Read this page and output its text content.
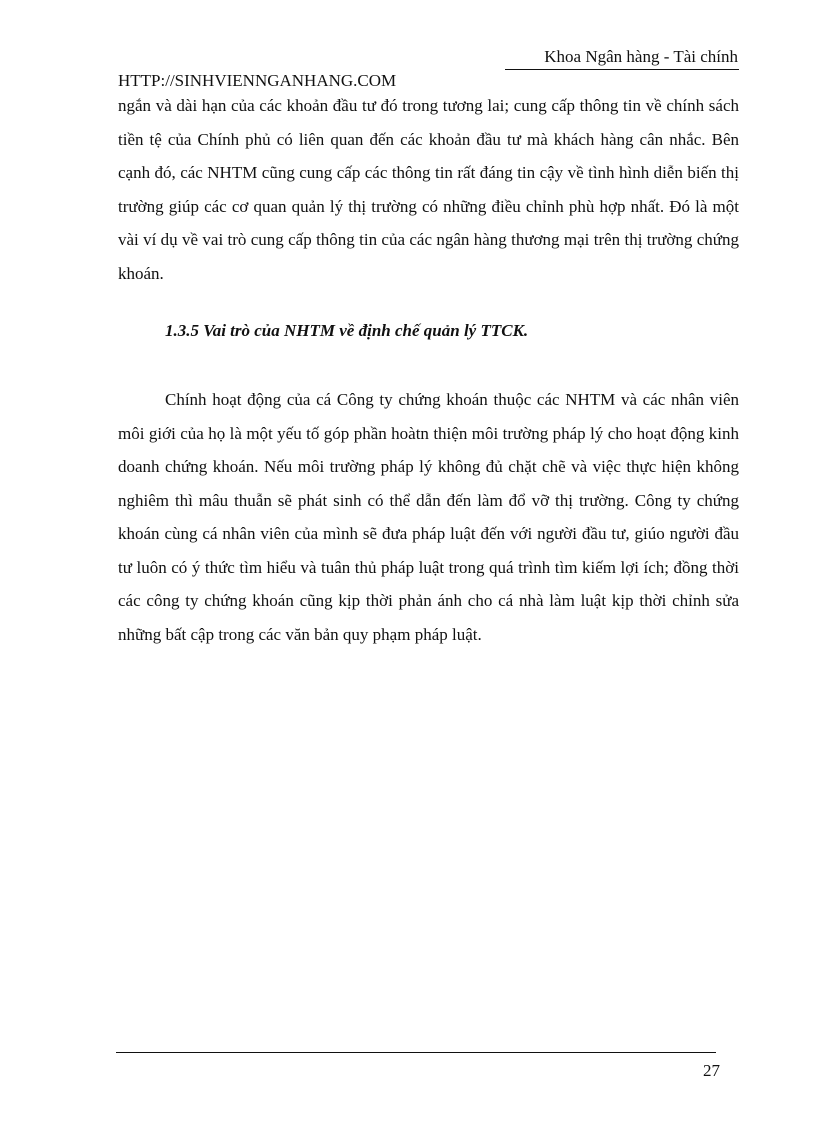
Khoa Ngân hàng - Tài chính
HTTP://SINHVIENNGANHANG.COM

ngắn và dài hạn của các khoản đầu tư đó trong tương lai; cung cấp thông tin về chính sách tiền tệ của Chính phủ có liên quan đến các khoản đầu tư mà khách hàng cân nhắc. Bên cạnh đó, các NHTM cũng cung cấp các thông tin rất đáng tin cậy về tình hình diễn biến thị trường giúp các cơ quan quản lý thị trường có những điều chỉnh phù hợp nhất. Đó là một vài ví dụ về vai trò cung cấp thông tin của các ngân hàng thương mại trên thị trường chứng khoán.

1.3.5 Vai trò của NHTM về định chế quản lý TTCK.

Chính hoạt động của cá Công ty chứng khoán thuộc các NHTM và các nhân viên môi giới của họ là một yếu tố góp phần hoàtn thiện môi trường pháp lý cho hoạt động kinh doanh chứng khoán. Nếu môi trường pháp lý không đủ chặt chẽ và việc thực hiện không nghiêm thì mâu thuẫn sẽ phát sinh có thể dẫn đến làm đổ vỡ thị trường. Công ty chứng khoán cùng cá nhân viên của mình sẽ đưa pháp luật đến với người đầu tư, giúo người đầu tư luôn có ý thức tìm hiểu và tuân thủ pháp luật trong quá trình tìm kiếm lợi ích; đồng thời các công ty chứng khoán cũng kịp thời phản ánh cho cá nhà làm luật kịp thời chỉnh sửa những bất cập trong các văn bản quy phạm pháp luật.

27
